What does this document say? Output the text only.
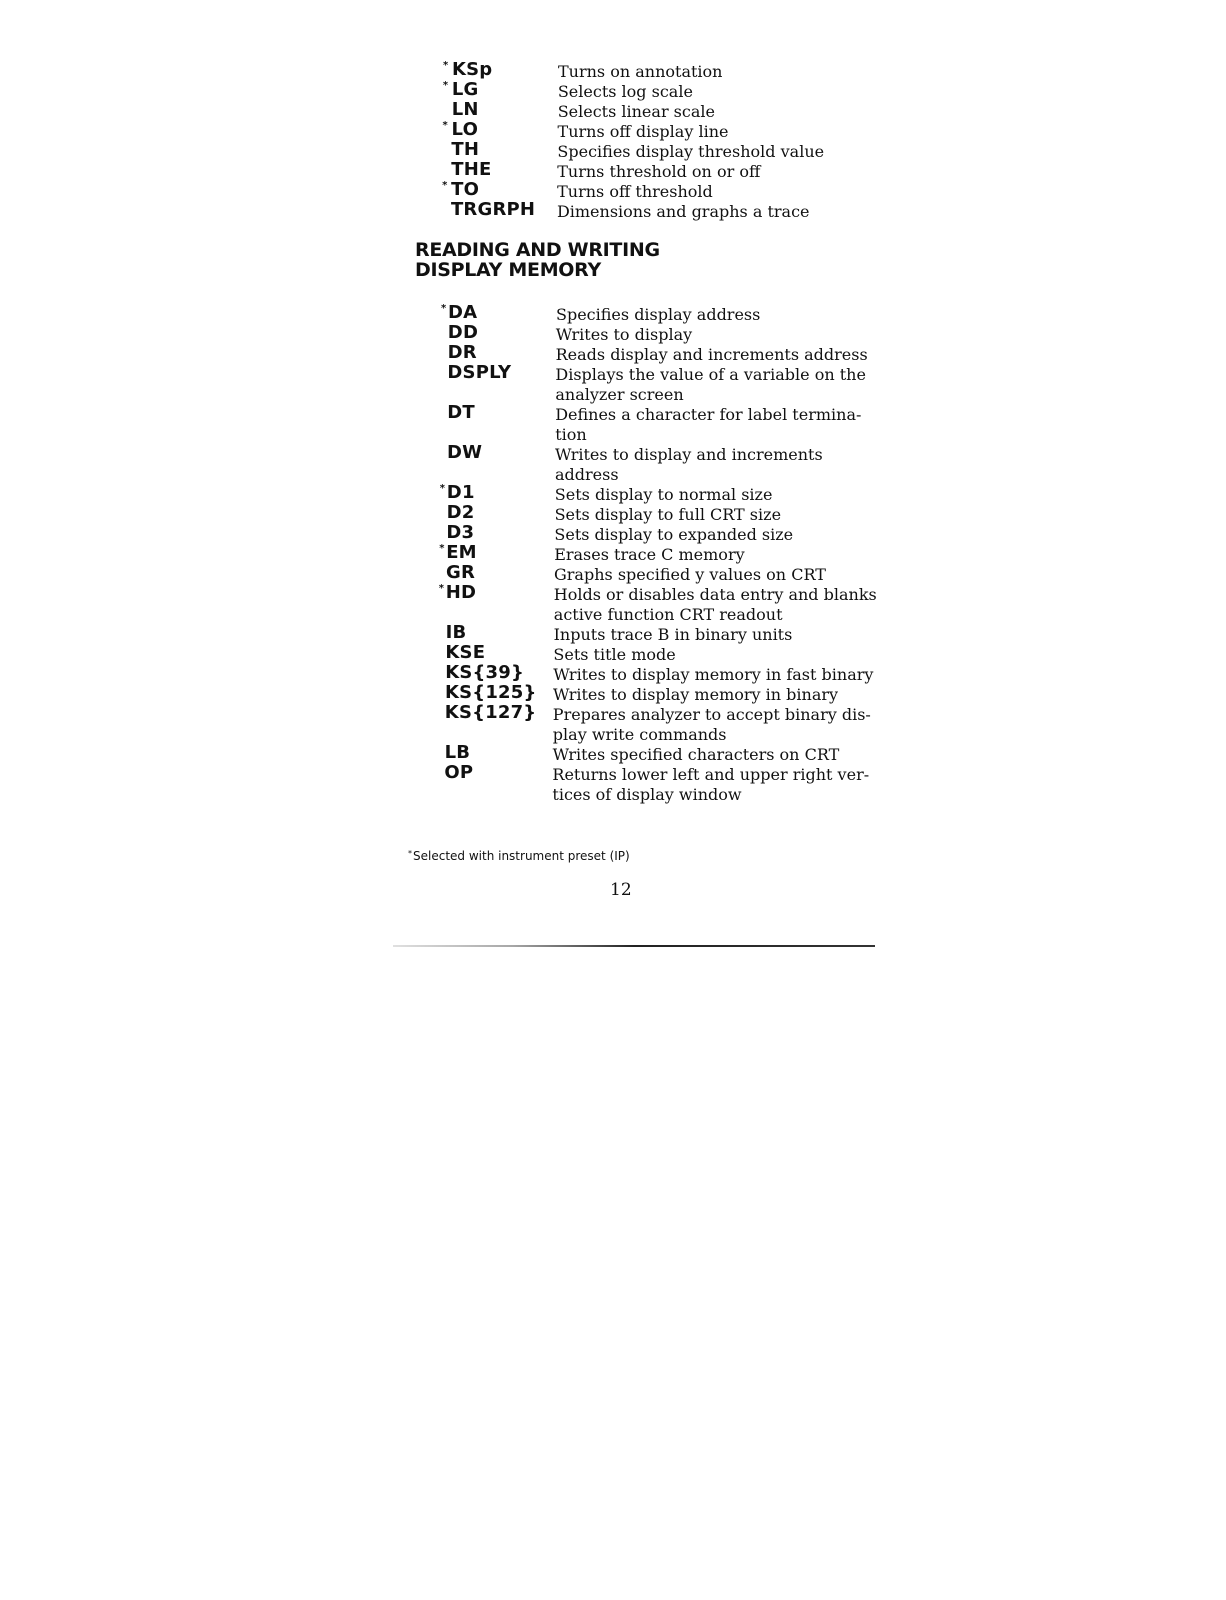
* KSp	Turns on annotation
* LG	Selects log scale
LN	Selects linear scale
* LO	Turns off display line
TH	Specifies display threshold value
THE	Turns threshold on or off
* TO	Turns off threshold
TRGRPH Dimensions and graphs a trace
READING AND WRITING
DISPLAY MEMORY
* DA	Specifies display address
DD	Writes to display
DR	Reads display and increments address
DSPLY	Displays the value of a variable on the
analyzer screen
DT	Defines a character for label termina-
tion
DW	Writes to display and increments
address
* D1	Sets display to normal size
D2	Sets display to full CRT size
D3	Sets display to expanded size
* EM	Erases trace C memory
GR	Graphs specified y values on CRT
* HD	Holds or disables data entry and blanks
active function CRT readout
IB	Inputs trace B in binary units
KSE	Sets title mode
KS{39} Writes to display memory in fast binary
KS{125} Writes to display memory in binary
KS{127} Prepares analyzer to accept binary dis-
play write commands
LB	Writes specified characters on CRT
OP	Returns lower left and upper right ver-
tices of display window
*Selected with instrument preset (IP)
12
